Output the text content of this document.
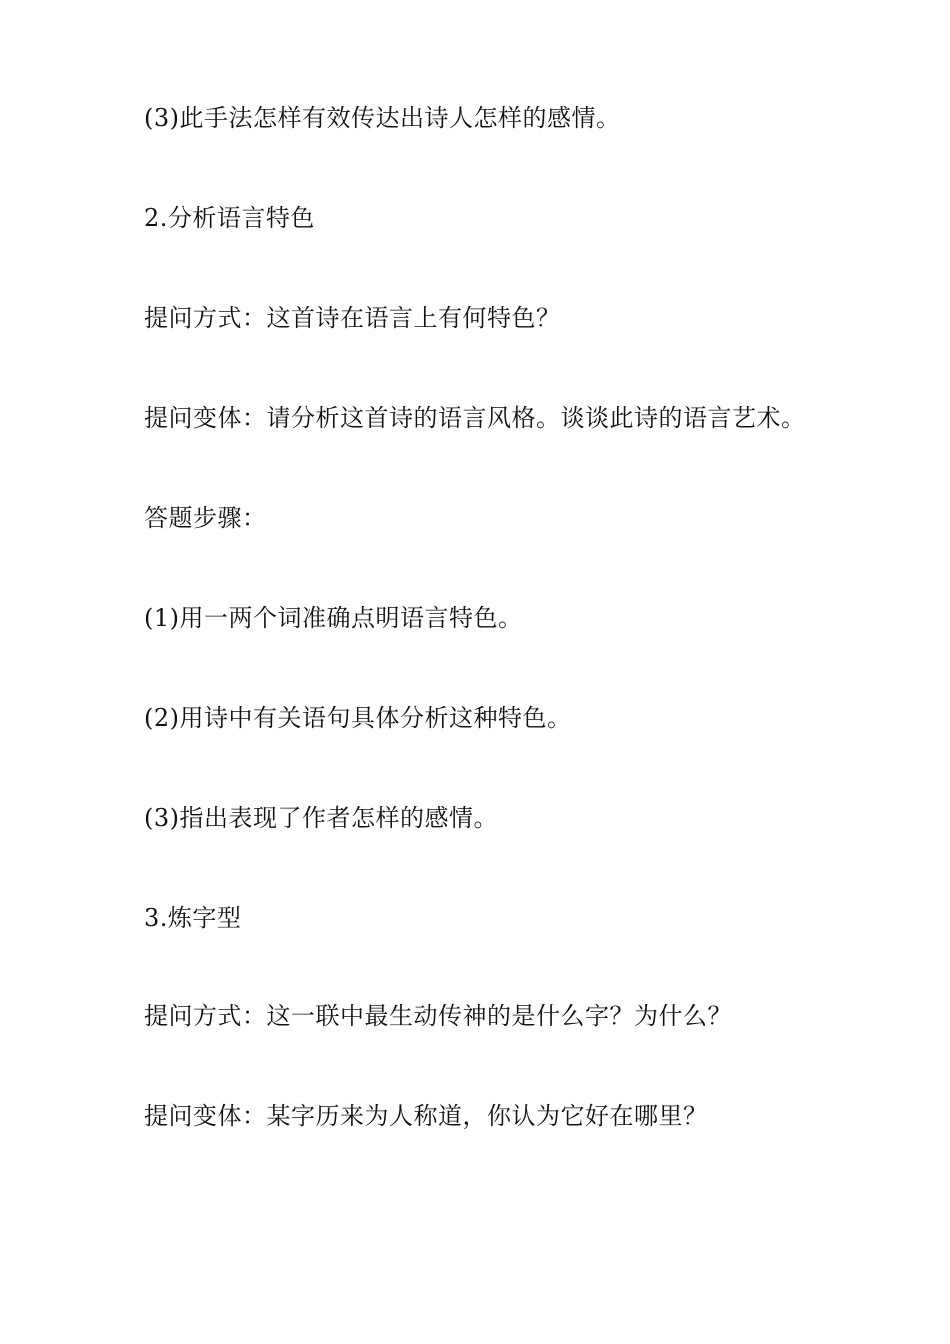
(3)此手法怎样有效传达出诗人怎样的感情。
2.分析语言特色
提问方式：这首诗在语言上有何特色？
提问变体：请分析这首诗的语言风格。谈谈此诗的语言艺术。
答题步骤：
(1)用一两个词准确点明语言特色。
(2)用诗中有关语句具体分析这种特色。
(3)指出表现了作者怎样的感情。
3.炼字型
提问方式：这一联中最生动传神的是什么字？为什么？
提问变体：某字历来为人称道，你认为它好在哪里？
